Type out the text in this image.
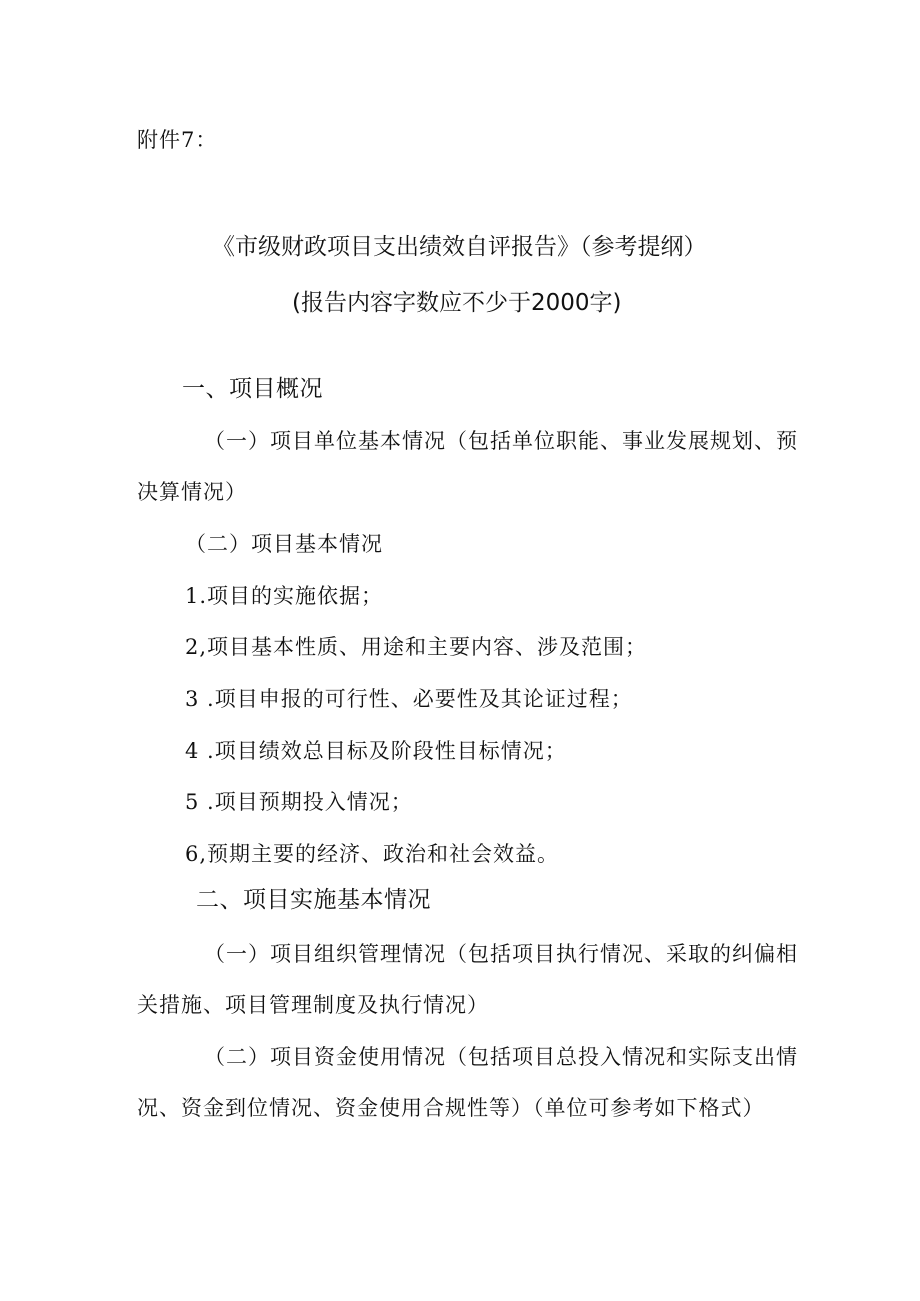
附件7：
《市级财政项目支出绩效自评报告》（参考提纲）
(报告内容字数应不少于2000字)
一、项目概况
（一）项目单位基本情况（包括单位职能、事业发展规划、预
决算情况）
（二）项目基本情况
1.项目的实施依据；
2,项目基本性质、用途和主要内容、涉及范围；
3 .项目申报的可行性、必要性及其论证过程；
4 .项目绩效总目标及阶段性目标情况；
5 .项目预期投入情况；
6,预期主要的经济、政治和社会效益。
二、项目实施基本情况
（一）项目组织管理情况（包括项目执行情况、采取的纠偏相
关措施、项目管理制度及执行情况）
（二）项目资金使用情况（包括项目总投入情况和实际支出情
况、资金到位情况、资金使用合规性等）（单位可参考如下格式）
